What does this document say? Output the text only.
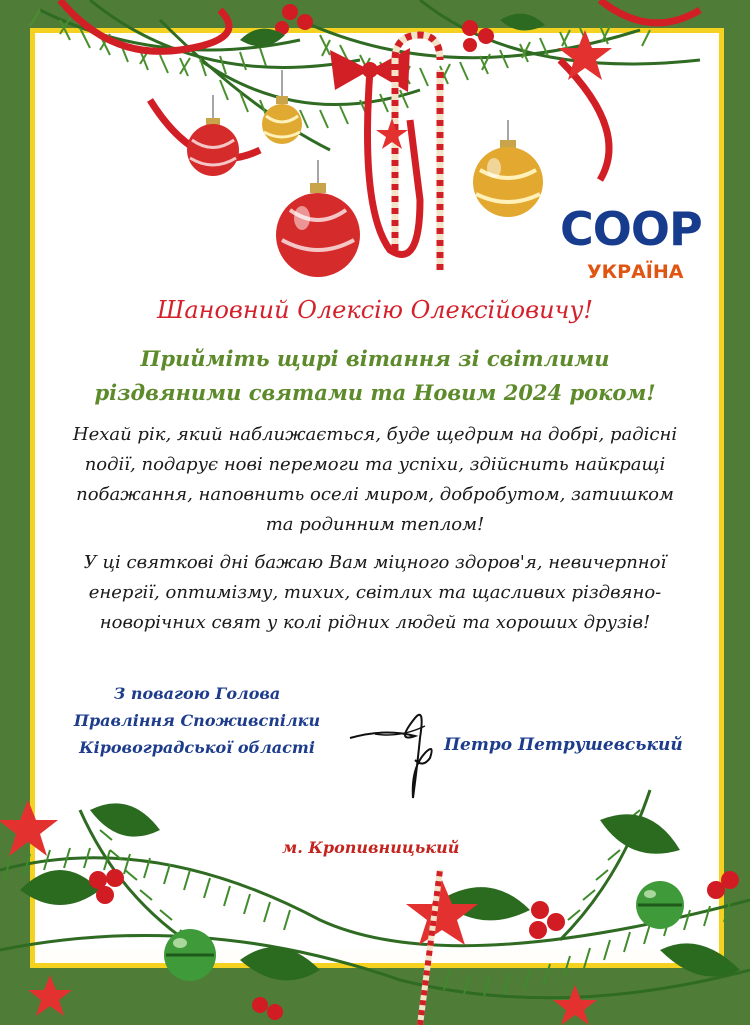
COOP
УКРАЇНА
Шановний Олексію Олексійовичу!
Прийміть щирі вітання зі світлими
різдвяними святами та Новим 2024 роком!
Нехай рік, який наближається, буде щедрим на добрі, радісні події, подарує нові перемоги та успіхи, здійснить найкращі побажання, наповнить оселі миром, добробутом, затишком та родинним теплом!
У ці святкові дні бажаю Вам міцного здоров'я, невичерпної енергії, оптимізму, тихих, світлих та щасливих різдвяно-новорічних свят у колі рідних людей та хороших друзів!
З повагою Голова
Правління Споживспілки
Кіровоградської області	Петро Петрушевський
м. Кропивницький
